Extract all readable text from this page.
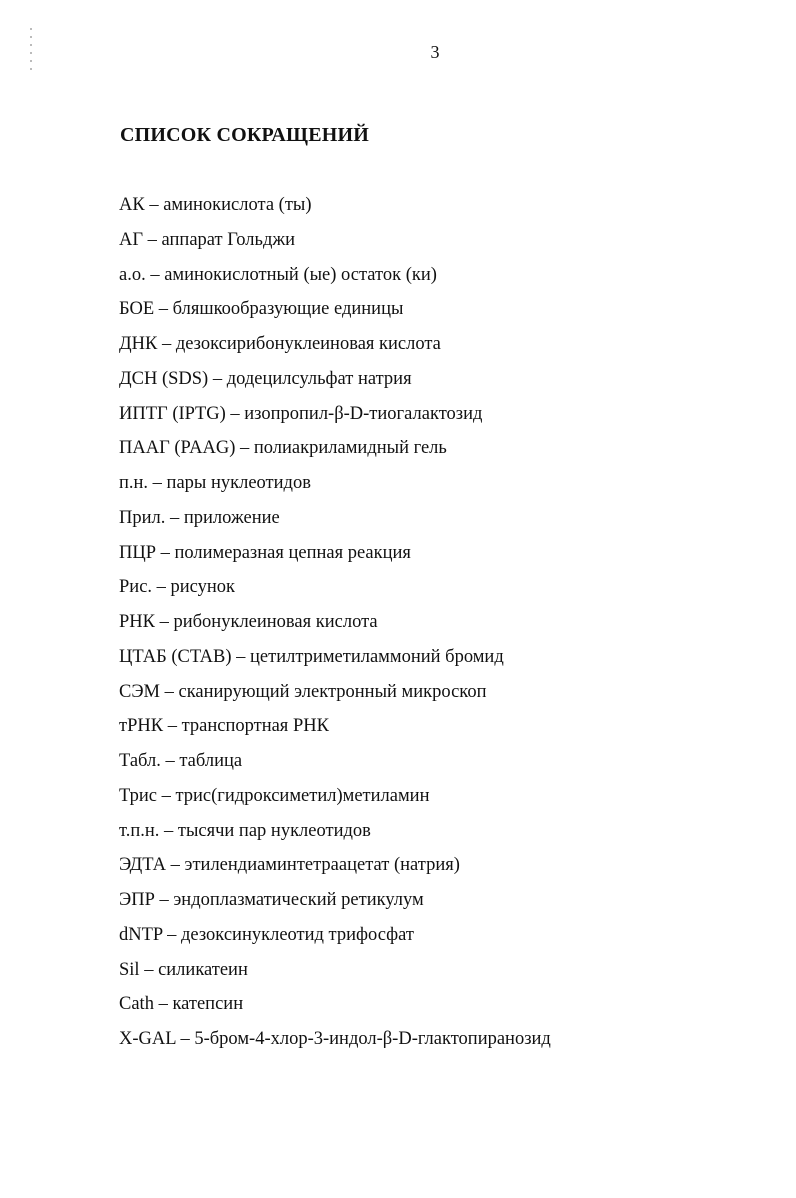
3
СПИСОК СОКРАЩЕНИЙ
АК – аминокислота (ты)
АГ – аппарат Гольджи
а.о. – аминокислотный (ые) остаток (ки)
БОЕ – бляшкообразующие единицы
ДНК – дезоксирибонуклеиновая кислота
ДСН (SDS) – додецилсульфат натрия
ИПТГ (IPTG) – изопропил-β-D-тиогалактозид
ПААГ (PAAG) – полиакриламидный гель
п.н. – пары нуклеотидов
Прил. – приложение
ПЦР – полимеразная цепная реакция
Рис. – рисунок
РНК – рибонуклеиновая кислота
ЦТАБ (CTAB) – цетилтриметиламмоний бромид
СЭМ – сканирующий электронный микроскоп
тРНК – транспортная РНК
Табл. – таблица
Трис – трис(гидроксиметил)метиламин
т.п.н. – тысячи пар нуклеотидов
ЭДТА – этилендиаминтетраацетат (натрия)
ЭПР – эндоплазматический ретикулум
dNTP – дезоксинуклеотид трифосфат
Sil – силикатеин
Cath – катепсин
X-GAL – 5-бром-4-хлор-3-индол-β-D-глактопиранозид
